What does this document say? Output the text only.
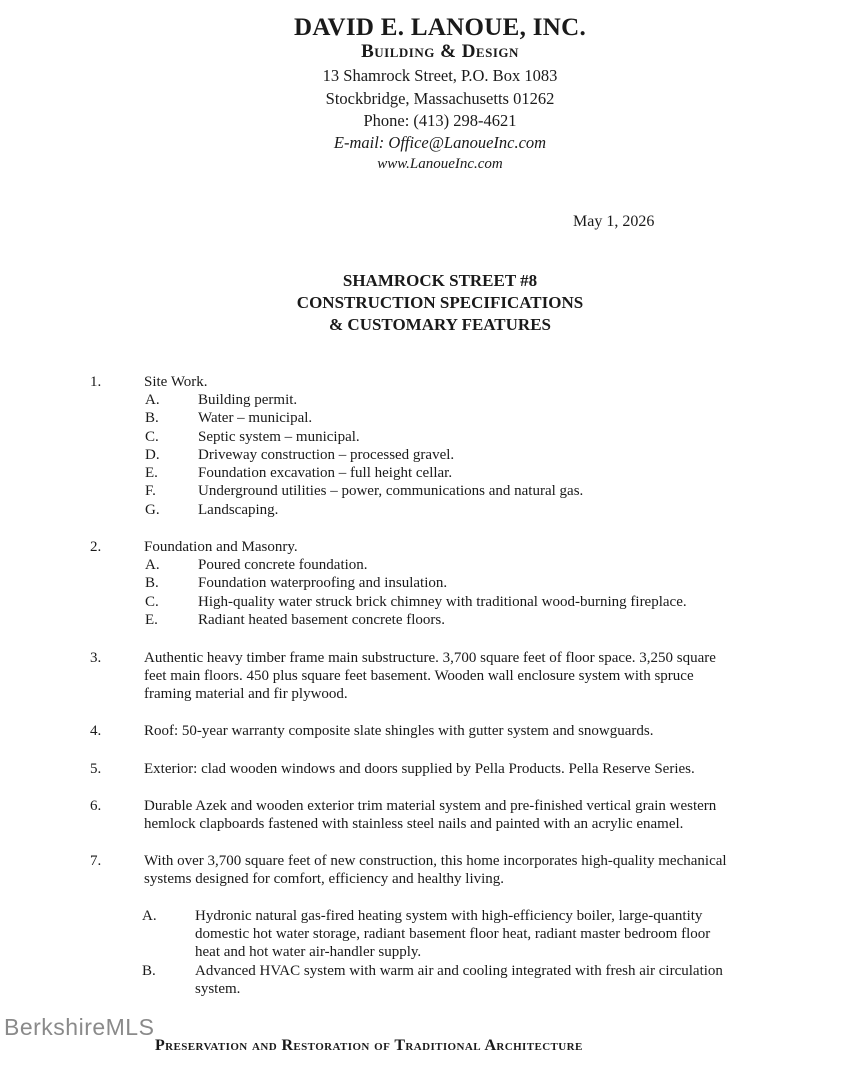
DAVID E. LANOUE, INC.
Building & Design
13 Shamrock Street, P.O. Box 1083
Stockbridge, Massachusetts 01262
Phone: (413) 298-4621
E-mail: Office@LanoueInc.com
www.LanoueInc.com
May 1, 2026
SHAMROCK STREET #8
CONSTRUCTION SPECIFICATIONS
& CUSTOMARY FEATURES
1.	Site Work.
A.	Building permit.
B.	Water – municipal.
C.	Septic system – municipal.
D.	Driveway construction – processed gravel.
E.	Foundation excavation – full height cellar.
F.	Underground utilities – power, communications and natural gas.
G.	Landscaping.
2.	Foundation and Masonry.
A.	Poured concrete foundation.
B.	Foundation waterproofing and insulation.
C.	High-quality water struck brick chimney with traditional wood-burning fireplace.
E.	Radiant heated basement concrete floors.
3.	Authentic heavy timber frame main substructure. 3,700 square feet of floor space. 3,250 square
feet main floors. 450 plus square feet basement. Wooden wall enclosure system with spruce
framing material and fir plywood.
4.	Roof: 50-year warranty composite slate shingles with gutter system and snowguards.
5.	Exterior: clad wooden windows and doors supplied by Pella Products. Pella Reserve Series.
6.	Durable Azek and wooden exterior trim material system and pre-finished vertical grain western
hemlock clapboards fastened with stainless steel nails and painted with an acrylic enamel.
7.	With over 3,700 square feet of new construction, this home incorporates high-quality mechanical
systems designed for comfort, efficiency and healthy living.
A.	Hydronic natural gas-fired heating system with high-efficiency boiler, large-quantity
domestic hot water storage, radiant basement floor heat, radiant master bedroom floor
heat and hot water air-handler supply.
B.	Advanced HVAC system with warm air and cooling integrated with fresh air circulation
system.
BerkshireMLS
Preservation and Restoration of Traditional Architecture
